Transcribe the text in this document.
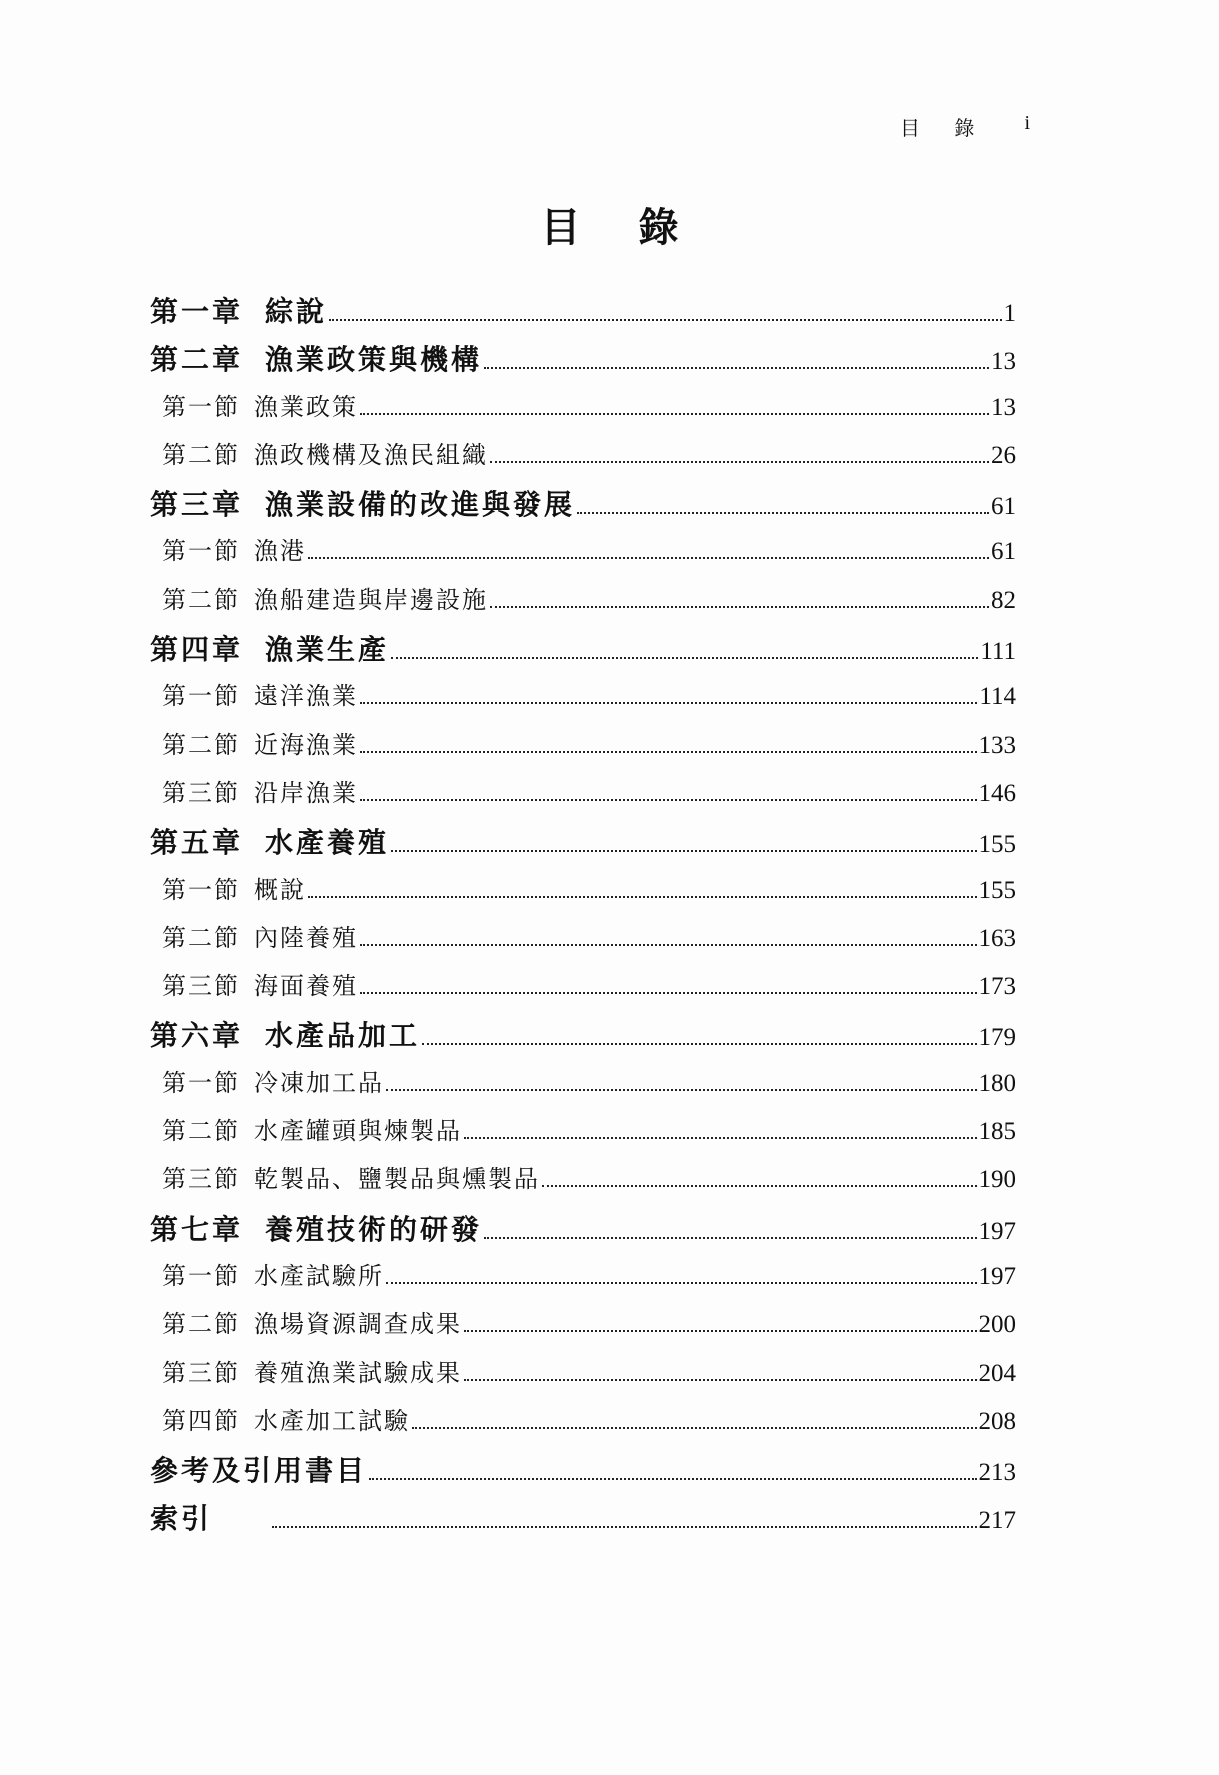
目 錄 i
目 錄
第一章 綜說	1
第二章 漁業政策與機構	13
第一節 漁業政策	13
第二節 漁政機構及漁民組織	26
第三章 漁業設備的改進與發展	61
第一節 漁港	61
第二節 漁船建造與岸邊設施	82
第四章 漁業生產	111
第一節 遠洋漁業	114
第二節 近海漁業	133
第三節 沿岸漁業	146
第五章 水產養殖	155
第一節 概說	155
第二節 內陸養殖	163
第三節 海面養殖	173
第六章 水產品加工	179
第一節 冷凍加工品	180
第二節 水產罐頭與煉製品	185
第三節 乾製品、鹽製品與燻製品	190
第七章 養殖技術的研發	197
第一節 水產試驗所	197
第二節 漁場資源調查成果	200
第三節 養殖漁業試驗成果	204
第四節 水產加工試驗	208
參考及引用書目	213
索引	217
